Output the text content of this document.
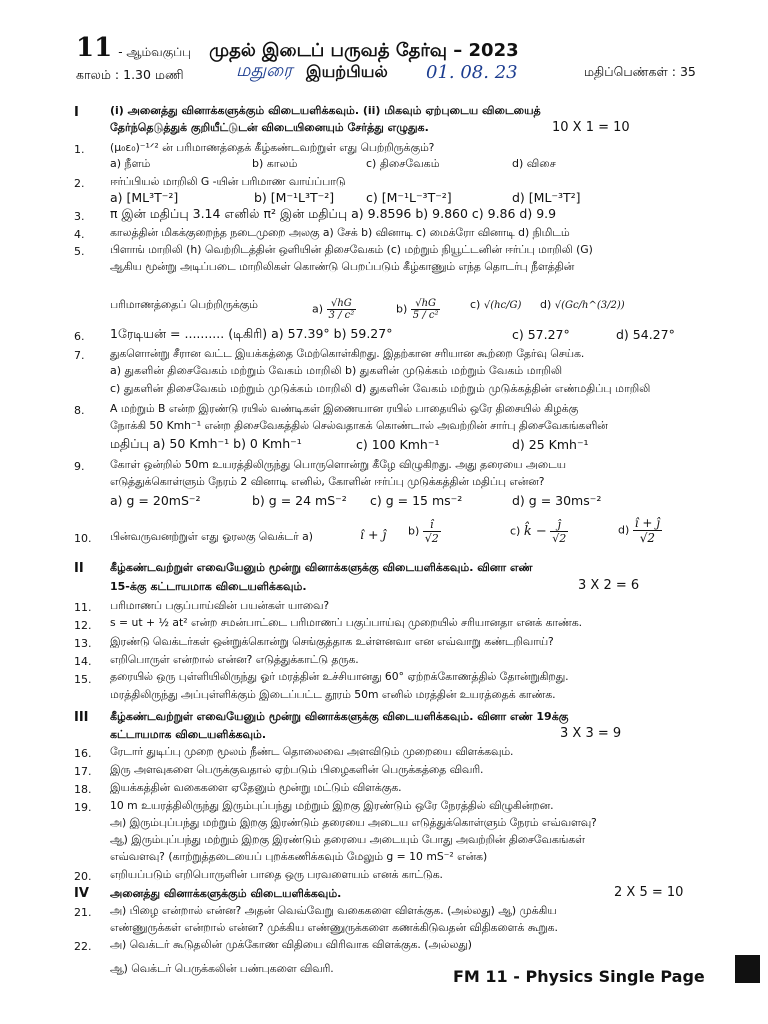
11 - ஆம்வகுப்பு முதல் இடைப் பருவத் தேர்வு – 2023
காலம் : 1.30 மணி	மதுரை இயற்பியல் 01. 08. 23	மதிப்பெண்கள் : 35
I	(i) அனைத்து வினாக்களுக்கும் விடையளிக்கவும். (ii) மிகவும் ஏற்புடைய விடையைத்
தேர்ந்தெடுத்துக் குறியீட்டுடன் விடையினையும் சேர்த்து எழுதுக.	10 X 1 = 10
1. (μ₀ε₀)⁻¹ᐟ² ன் பரிமாணத்தைக் கீழ்கண்டவற்றுள் எது பெற்றிருக்கும்?
a) நீளம்	b) காலம்	c) திசைவேகம்	d) விசை
2. ஈர்ப்பியல் மாறிலி G -யின் பரிமாண வாய்ப்பாடு
a) [ML³T⁻²]	b) [M⁻¹L³T⁻²]	c) [M⁻¹L⁻³T⁻²]	d) [ML⁻³T²]
3. π இன் மதிப்பு 3.14 எனில் π² இன் மதிப்பு a) 9.8596 b) 9.860 c) 9.86 d) 9.9
4. காலத்தின் மிகக்குறைந்த நடைமுறை அலகு a) சேக் b) வினாடி c) மைக்ரோ வினாடி d) நிமிடம்
5. பிளாங் மாறிலி (h) வெற்றிடத்தின் ஒளியின் திசைவேகம் (c) மற்றும் நியூட்டனின் ஈர்ப்பு மாறிலி (G)
ஆகிய மூன்று அடிப்படை மாறிலிகள் கொண்டு பெறப்படும் கீழ்காணும் எந்த தொடர்பு நீளத்தின்
பரிமாணத்தைப் பெற்றிருக்கும்	$a) \frac{√hG}{\text{3 / c²}}$	$b) \frac{√hG}{\text{5 / c²}}$	c) √(hc/G) d) √(Gc/h^(3/2))
6. 1ரேடியன் = .......... (டிகிரி) a) 57.39° b) 59.27°	c) 57.27°	d) 54.27°
7. துகளொன்று சீரான வட்ட இயக்கத்தை மேற்கொள்கிறது. இதற்கான சரியான கூற்றை தேர்வு செய்க.
a) துகளின் திசைவேகம் மற்றும் வேகம் மாறிலி b) துகளின் முடுக்கம் மற்றும் வேகம் மாறிலி
c) துகளின் திசைவேகம் மற்றும் முடுக்கம் மாறிலி d) துகளின் வேகம் மற்றும் முடுக்கத்தின் எண்மதிப்பு மாறிலி
8. A மற்றும் B என்ற இரண்டு ரயில் வண்டிகள் இணையான ரயில் பாதையில் ஒரே திசையில் கிழக்கு
நோக்கி 50 Kmh⁻¹ என்ற திசைவேகத்தில் செல்வதாகக் கொண்டால் அவற்றின் சார்பு திசைவேகங்களின்
மதிப்பு a) 50 Kmh⁻¹ b) 0 Kmh⁻¹	c) 100 Kmh⁻¹	d) 25 Kmh⁻¹
9. கோள் ஒன்றில் 50m உயரத்திலிருந்து பொருளொன்று கீழே விழுகிறது. அது தரையை அடைய
எடுத்துக்கொள்ளும் நேரம் 2 வினாடி எனில், கோளின் ஈர்ப்பு முடுக்கத்தின் மதிப்பு என்ன?
a) g = 20mS⁻²	b) g = 24 mS⁻² c) g = 15 ms⁻²	d) g = 30ms⁻²
10. பின்வருவனற்றுள் எது ஓரலகு வெக்டர் a)	î + ĵ $b) \frac{î}{√2}$	c) k̂ − $\frac{ĵ}{√2}$	$d) \frac{î + ĵ}{√2}$
II கீழ்கண்டவற்றுள் எவையேனும் மூன்று வினாக்களுக்கு விடையளிக்கவும். வினா எண்
15-க்கு கட்டாயமாக விடையளிக்கவும்.	3 X 2 = 6
11. பரிமாணப் பகுப்பாய்வின் பயன்கள் யாவை?
12. s = ut + ½ at² என்ற சமன்பாட்டை பரிமாணப் பகுப்பாய்வு முறையில் சரியானதா எனக் காண்க.
13. இரண்டு வெக்டர்கள் ஒன்றுக்கொன்று செங்குத்தாக உள்ளனவா என எவ்வாறு கண்டறிவாய்?
14. எறிபொருள் என்றால் என்ன? எடுத்துக்காட்டு தருக.
15. தரையில் ஒரு புள்ளியிலிருந்து ஓர் மரத்தின் உச்சியானது 60° ஏற்றக்கோணத்தில் தோன்றுகிறது.
மரத்திலிருந்து அப்புள்ளிக்கும் இடைப்பட்ட தூரம் 50m எனில் மரத்தின் உயரத்தைக் காண்க.
III கீழ்கண்டவற்றுள் எவையேனும் மூன்று வினாக்களுக்கு விடையளிக்கவும். வினா எண் 19க்கு
கட்டாயமாக விடையளிக்கவும்.	3 X 3 = 9
16. ரேடார் துடிப்பு முறை மூலம் நீண்ட தொலைவை அளவிடும் முறையை விளக்கவும்.
17. இரு அளவுகளை பெருக்குவதால் ஏற்படும் பிழைகளின் பெருக்கத்தை விவரி.
18. இயக்கத்தின் வகைகளை ஏதேனும் மூன்று மட்டும் விளக்குக.
19. 10 m உயரத்திலிருந்து இரும்புப்பந்து மற்றும் இறகு இரண்டும் ஒரே நேரத்தில் விழுகின்றன.
அ) இரும்புப்பந்து மற்றும் இறகு இரண்டும் தரையை அடைய எடுத்துக்கொள்ளும் நேரம் எவ்வளவு?
ஆ) இரும்புப்பந்து மற்றும் இறகு இரண்டும் தரையை அடையும் போது அவற்றின் திசைவேகங்கள்
எவ்வளவு? (காற்றுத்தடையைப் புறக்கணிக்கவும் மேலும் g = 10 mS⁻² என்க)
20. எறியப்படும் எறிபொருளின் பாதை ஒரு பரவளையம் எனக் காட்டுக.
IV அனைத்து வினாக்களுக்கும் விடையளிக்கவும்.	2 X 5 = 10
21. அ) பிழை என்றால் என்ன? அதன் வெவ்வேறு வகைகளை விளக்குக. (அல்லது) ஆ) முக்கிய
எண்ணுருக்கள் என்றால் என்ன? முக்கிய எண்ணுருக்களை கணக்கிடுவதன் விதிகளைக் கூறுக.
22. அ) வெக்டர் கூடுதலின் முக்கோண விதியை விரிவாக விளக்குக. (அல்லது)
ஆ) வெக்டர் பெருக்கலின் பண்புகளை விவரி.	FM 11 - Physics Single Page
